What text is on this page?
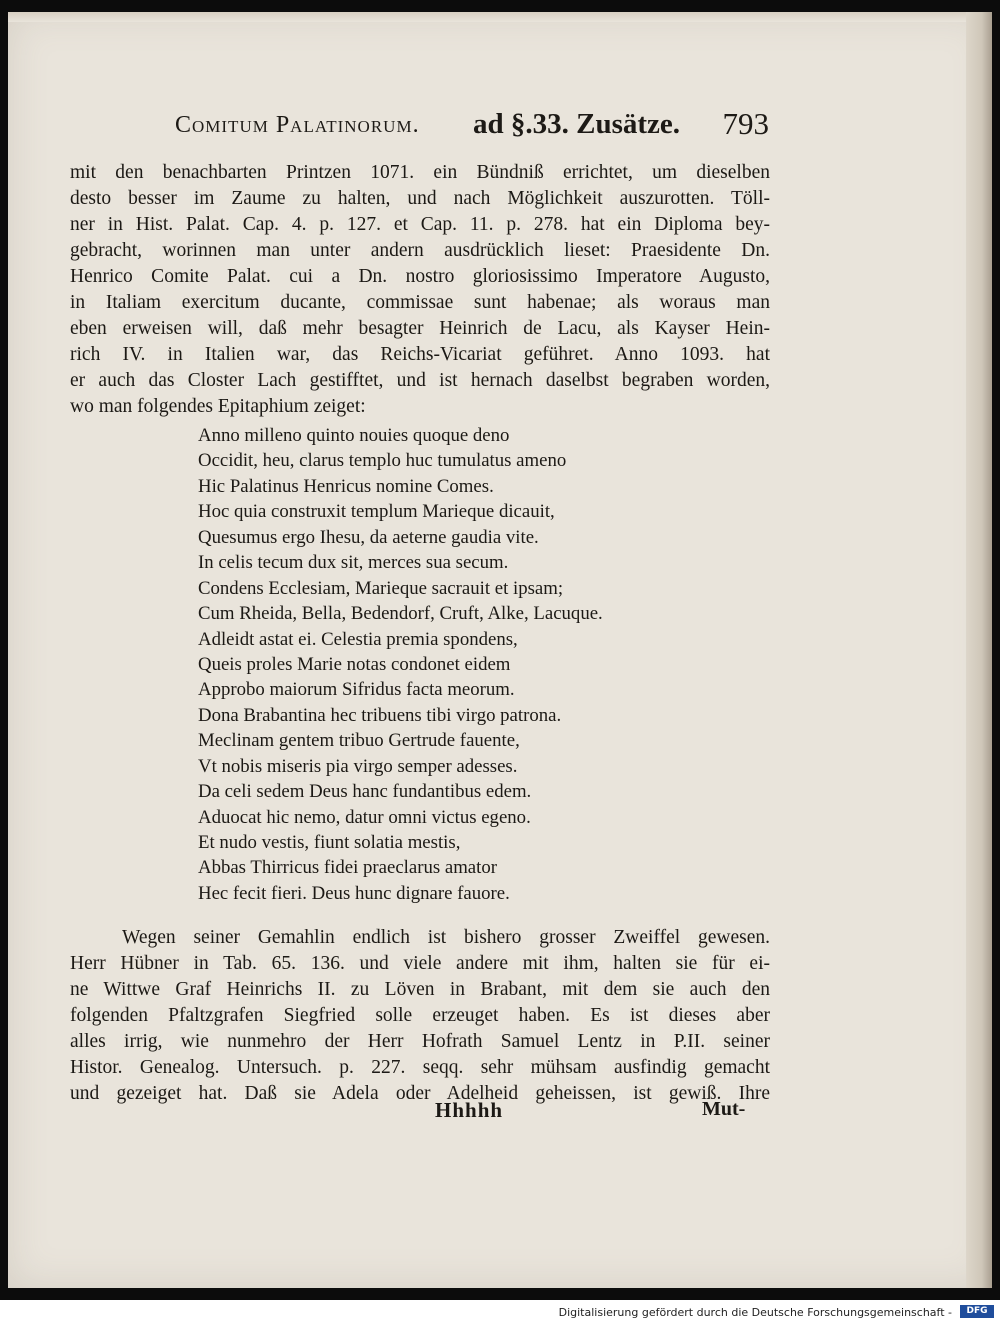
Comitum Palatinorum. ad §.33. Zusätze. 793
mit den benachbarten Printzen 1071. ein Bündniß errichtet, um dieselben
desto besser im Zaume zu halten, und nach Möglichkeit auszurotten. Töll-
ner in Hist. Palat. Cap. 4. p. 127. et Cap. 11. p. 278. hat ein Diploma bey-
gebracht, worinnen man unter andern ausdrücklich lieset: Praesidente Dn.
Henrico Comite Palat. cui a Dn. nostro gloriosissimo Imperatore Augusto,
in Italiam exercitum ducante, commissae sunt habenae; als woraus man
eben erweisen will, daß mehr besagter Heinrich de Lacu, als Kayser Hein-
rich IV. in Italien war, das Reichs-Vicariat geführet. Anno 1093. hat
er auch das Closter Lach gestifftet, und ist hernach daselbst begraben worden,
wo man folgendes Epitaphium zeiget:
Anno milleno quinto nouies quoque deno
Occidit, heu, clarus templo huc tumulatus ameno
Hic Palatinus Henricus nomine Comes.
Hoc quia construxit templum Marieque dicauit,
Quesumus ergo Ihesu, da aeterne gaudia vite.
In celis tecum dux sit, merces sua secum.
Condens Ecclesiam, Marieque sacrauit et ipsam;
Cum Rheida, Bella, Bedendorf, Cruft, Alke, Lacuque.
Adleidt astat ei. Celestia premia spondens,
Queis proles Marie notas condonet eidem
Approbo maiorum Sifridus facta meorum.
Dona Brabantina hec tribuens tibi virgo patrona.
Meclinam gentem tribuo Gertrude fauente,
Vt nobis miseris pia virgo semper adesses.
Da celi sedem Deus hanc fundantibus edem.
Aduocat hic nemo, datur omni victus egeno.
Et nudo vestis, fiunt solatia mestis,
Abbas Thirricus fidei praeclarus amator
Hec fecit fieri. Deus hunc dignare fauore.
Wegen seiner Gemahlin endlich ist bishero grosser Zweiffel gewesen.
Herr Hübner in Tab. 65. 136. und viele andere mit ihm, halten sie für ei-
ne Wittwe Graf Heinrichs II. zu Löven in Brabant, mit dem sie auch den
folgenden Pfaltzgrafen Siegfried solle erzeuget haben. Es ist dieses aber
alles irrig, wie nunmehro der Herr Hofrath Samuel Lentz in P.II. seiner
Histor. Genealog. Untersuch. p. 227. seqq. sehr mühsam ausfindig gemacht
und gezeiget hat. Daß sie Adela oder Adelheid geheissen, ist gewiß. Ihre
Hhhhh	Mut-
Digitalisierung gefördert durch die Deutsche Forschungsgemeinschaft -	DFG
